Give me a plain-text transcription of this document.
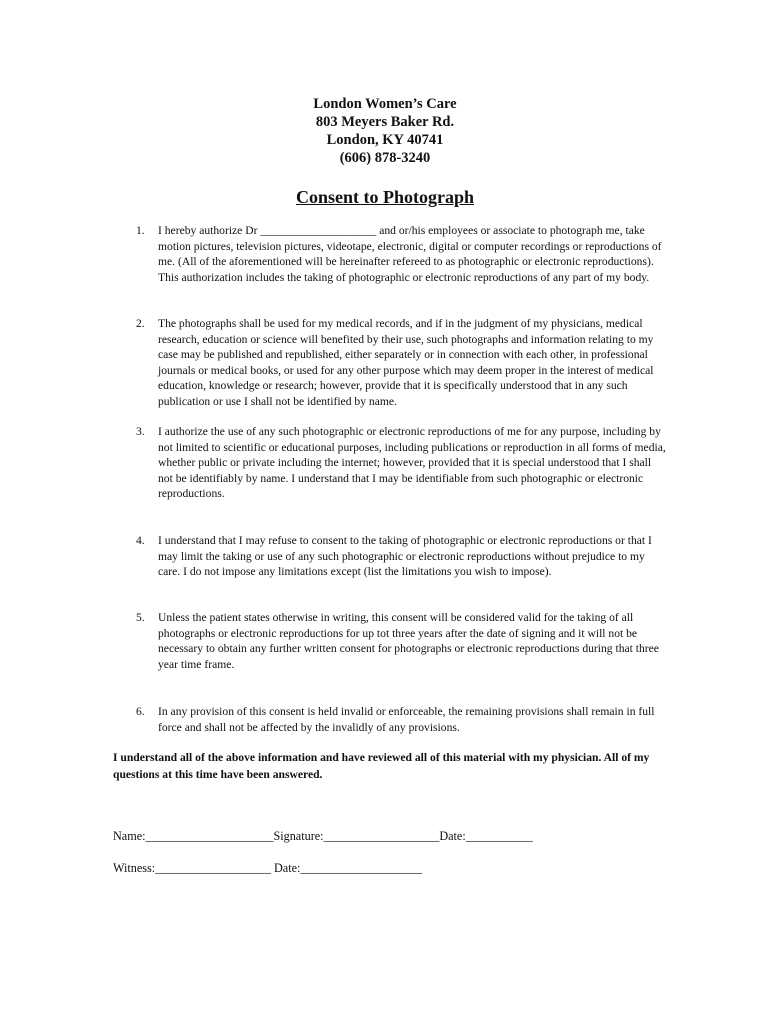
London Women’s Care
803 Meyers Baker Rd.
London, KY 40741
(606) 878-3240
Consent to Photograph
1.	I hereby authorize Dr ____________________ and or/his employees or associate to photograph me, take motion pictures, television pictures, videotape, electronic, digital or computer recordings or reproductions of me. (All of the aforementioned will be hereinafter refereed to as photographic or electronic reproductions). This authorization includes the taking of photographic or electronic reproductions of any part of my body.
2.	The photographs shall be used for my medical records, and if in the judgment of my physicians, medical research, education or science will benefited by their use, such photographs and information relating to my case may be published and republished, either separately or in connection with each other, in professional journals or medical books, or used for any other purpose which may deem proper in the interest of medical education, knowledge or research; however, provide that it is specifically understood that in any such publication or use I shall not be identified by name.
3.	I authorize the use of any such photographic or electronic reproductions of me for any purpose, including by not limited to scientific or educational purposes, including publications or reproduction in all forms of media, whether public or private including the internet; however, provided that it is special understood that I shall not be identifiably by name. I understand that I may be identifiable from such photographic or electronic reproductions.
4.	I understand that I may refuse to consent to the taking of photographic or electronic reproductions or that I may limit the taking or use of any such photographic or electronic reproductions without prejudice to my care. I do not impose any limitations except (list the limitations you wish to impose).
5.	Unless the patient states otherwise in writing, this consent will be considered valid for the taking of all photographs or electronic reproductions for up tot three years after the date of signing and it will not be necessary to obtain any further written consent for photographs or electronic reproductions during that three year time frame.
6.	In any provision of this consent is held invalid or enforceable, the remaining provisions shall remain in full force and shall not be affected by the invalidly of any provisions.
I understand all of the above information and have reviewed all of this material with my physician. All of my questions at this time have been answered.
Name:_____________________Signature:___________________Date:___________
Witness:___________________ Date:____________________
